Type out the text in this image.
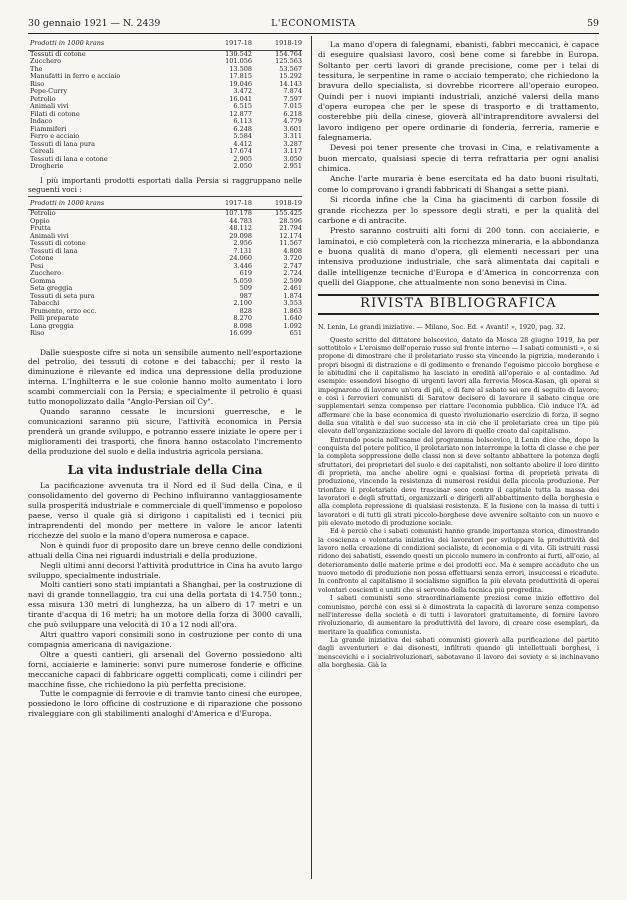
30 gennaio 1921 — N. 2439	L'ECONOMISTA	59
Prodotti in 1000 krans	1917-18	1918-19

Tessuti di cotone	130.542	154.764
Zucchero	101.056	125.563
The	13.508	53.567
Manufatti in ferro e acciaio	17.815	15.292
Riso	19.046	14.143
Pepe-Curry	3.472	7.874
Petrolio	16.041	7.597
Animali vivi	6.515	7.015
Filati di cotone	12.877	6.218
Indaco	6.113	4.779
Fiammiferi	6.248	3.601
Ferro e acciaio	5.584	3.311
Tessuti di lana pura	4.412	3.287
Cereali	17.674	3.117
Tessuti di lana e cotone	2.905	3.050
Drogherie	2.050	2.951

I più importanti prodotti esportati dalla Persia si raggruppano nelle seguenti voci :

Prodotti in 1000 krans	1917-18	1918-19

Petrolio	107.178	155.425
Oppio	44.783	28.596
Frutta	48.112	21.794
Animali vivi	29.098	12.174
Tessuti di cotone	2.956	11.567
Tessuti di lana	7.131	4.808
Cotone	24.060	3.720
Pesi	3.446	2.747
Zucchero	619	2.724
Gomma	5.059	2.599
Seta greggia	509	2.461
Tessuti di seta pura	987	1.874
Tabacchi	2.100	3.553
Frumento, orzo ecc.	828	1.863
Pelli preparate	8.270	1.640
Lana greggia	8.098	1.092
Riso	16.699	651

Dalle suesposte cifre si nota un sensibile aumento nell'esportazione del petrolio, dei tessuti di cotone e dei tabacchi; per il resto la diminuzione è rilevante ed indica una depressione della produzione interna. L'Inghilterra e le sue colonie hanno molto aumentato i loro scambi commerciali con la Persia; e specialmente il petrolio è quasi tutto monopolizzato dalla "Anglo-Persian oil Cy".

Quando saranno cessate le incursioni guerresche, e le comunicazioni saranno più sicure, l'attività economica in Persia prenderà un grande sviluppo, e potranno essere iniziate le opere per i miglioramenti dei trasporti, che finora hanno ostacolato l'incremento della produzione del suolo e della industria agricola persiana.

La vita industriale della Cina

La pacificazione avvenuta tra il Nord ed il Sud della Cina, e il consolidamento del governo di Pechino influiranno vantaggiosamente sulla prosperità industriale e commerciale di quell'immenso e popoloso paese, verso il quale già si dirigono i capitalisti ed i tecnici più intraprendenti del mondo per mettere in valore le ancor latenti ricchezze del suolo e la mano d'opera numerosa e capace.

Non è quindi fuor di proposito dare un breve cenno delle condizioni attuali della Cina nei riguardi industriali e della produzione.

Negli ultimi anni decorsi l'attività produttrice in Cina ha avuto largo sviluppo, specialmente industriale.

Molti cantieri sono stati impiantati a Shanghai, per la costruzione di navi di grande tonnellaggio, tra cui una della portata di 14.750 tonn.; essa misura 130 metri di lunghezza, ha un albero di 17 metri e un tirante d'acqua di 16 metri; ha un motore della forza di 3000 cavalli, che può sviluppare una velocità di 10 a 12 nodi all'ora.

Altri quattro vapori consimili sono in costruzione per conto di una compagnia americana di navigazione.

Oltre a questi cantieri, gli arsenali del Governo possiedono alti forni, acciaierie e laminerie: sonvi pure numerose fonderie e officine meccaniche capaci di fabbricare oggetti complicati, come i cilindri per macchine fisse, che richiedono la più perfetta precisione.

Tutte le compagnie di ferrovie e di tramvie tanto cinesi che europee, possiedono le loro officine di costruzione e di riparazione che possono rivaleggiare con gli stabilimenti analoghi d'America e d'Europa.

La mano d'opera di falegnami, ebanisti, fabbri meccanici, è capace di eseguire qualsiasi lavoro, così bene come si farebbe in Europa. Soltanto per certi lavori di grande precisione, come per i telai di tessitura, le serpentine in rame o acciaio temperato, che richiedono la bravura dello specialista, si dovrebbe ricorrere all'operaio europeo. Quindi per i nuovi impianti industriali, anziché valersi della mano d'opera europea che per le spese di trasporto e di trattamento, costerebbe più della cinese, gioverà all'intraprenditore avvalersi del lavoro indigeno per opere ordinarie di fonderia, ferreria, ramerie e falegnameria.

Devesi poi tener presente che trovasi in Cina, e relativamente a buon mercato, qualsiasi specie di terra refrattaria per ogni analisi chimica.

Anche l'arte muraria è bene esercitata ed ha dato buoni risultati, come lo comprovano i grandi fabbricati di Shangai a sette piani.

Si ricorda infine che la Cina ha giacimenti di carbon fossile di grande ricchezza per lo spessore degli strati, e per la qualità del carbone e di antracite.

Presto saranno costruiti alti forni di 200 tonn. con acciaierie, e laminatoi, e ciò completerà con la ricchezza mineraria, e la abbondanza e buona qualità di mano d'opera, gli elementi necessari per una intensiva produzione industriale, che sarà alimentata dai capitali e dalle intelligenze tecniche d'Europa e d'America in concorrenza con quelli del Giappone, che attualmente non sono benevisi in Cina.

RIVISTA BIBLIOGRAFICA

N. Lenin, Le grandi iniziative. — Milano, Soc. Ed. « Avanti! », 1920, pag. 32.

Questo scritto del dittatore bolscevico, datato da Mosca 28 giugno 1919, ha per sottotitolo « L'eroismo dell'operaio russo sul fronte interno — I sabati comunisti », e si propone di dimostrare che il proletariato russo sta vincendo la pigrizia, moderando i propri bisogni di distrazione e di godimento e frenando l'egoismo piccolo borghese e le abitudini che il capitalismo ha lasciato in eredità all'operaio e al contadino. Ad esempio: essendovi bisogno di urgenti lavori alla ferrovia Mosca-Kasan, gli operai si impegnarono di lavorare un'ora di più, e di fare al sabato sei ore di seguito di lavoro; e così i ferrovieri comunisti di Saratow decisero di lavorare il sabato cinque ore supplementari senza compenso per riattare l'economia pubblica. Ciò induce l'A. ad affermare che la base economica di questo rivoluzionario esercizio di forza, il segno della sua vitalità e del suo successo sta in ciò che il proletariato crea un tipo più elevato dell'organizzazione sociale del lavoro di quello creato dal capitalismo.

Entrando poscia nell'esame del programma bolscevico, il Lenin dice che, dopo la conquista del potere politico, il proletariato non interrompe la lotta di classe e che per la completa soppressione delle classi non si deve soltanto abbattere la potenza degli sfruttatori, dei proprietari del suolo e dei capitalisti, non soltanto abolire il loro diritto di proprietà, ma anche abolire ogni e qualsiasi forma di proprietà privata di produzione, vincendo la resistenza di numerosi residui della piccola produzione. Per trionfare il proletariato deve trascinar seco contro il capitale tutta la massa dei lavoratori e degli sfruttati, organizzarli e dirigerli all'abbattimento della borghesia e alla completa repressione di qualsiasi resistenza. E la fusione con la massa di tutti i lavoratori e di tutti gli strati piccolo-borghese deve avvenire soltanto con un nuovo e più elevato metodo di produzione sociale.

Ed è perciò che i sabati comunisti hanno grande importanza storica, dimostrando la coscienza e volontaria iniziativa dei lavoratori per sviluppare la produttività del lavoro nella creazione di condizioni socialiste, di economia e di vita. Gli istruiti russi ridono dei sabatisti, essendo questi un piccolo numero in confronto ai furti, all'ozio, al deterioramento delle materie prime e dei prodotti ecc. Ma è sempre accaduto che un nuovo metodo di produzione non possa effettuarsi senza errori, insuccessi e ricadute. In confronto al capitalismo il socialismo significa la più elevata produttività di operai volontari coscienti e uniti che si servono della tecnica più progredita.

I sabati comunisti sono straordinariamente preziosi come inizio effettivo del comunismo, perché con essi si è dimostrata la capacità di lavorare senza compenso nell'interesse della società e di tutti i lavoratori gratuitamente, di fornire lavoro rivoluzionario, di aumentare la produttività del lavoro, di creare cose esemplari, da meritare la qualifica comunista.

La grande iniziativa dei sabati comunisti gioverà alla purificazione del partito dagli avventurieri e dai disonesti, infiltrati quando gli intellettuali borghesi, i menscevichi e i socialrivoluzionari, sabotavano il lavoro dei soviety e si inchinavano alla borghesia. Già la
